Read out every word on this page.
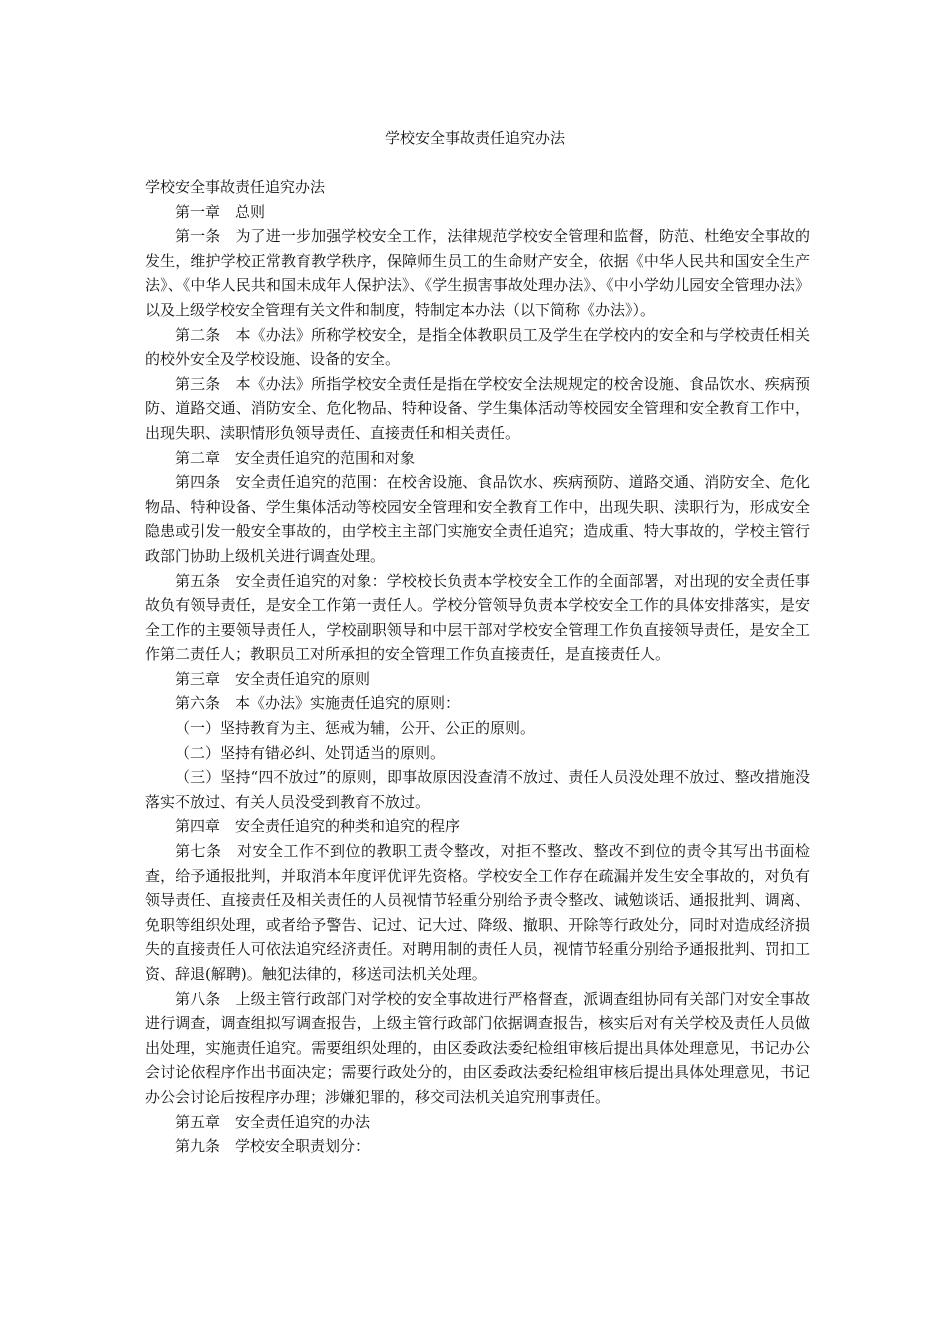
学校安全事故责任追究办法

学校安全事故责任追究办法

第一章　总则

第一条　为了进一步加强学校安全工作，法律规范学校安全管理和监督，防范、杜绝安全事故的发生，维护学校正常教育教学秩序，保障师生员工的生命财产安全，依据《中华人民共和国安全生产法》、《中华人民共和国未成年人保护法》、《学生损害事故处理办法》、《中小学幼儿园安全管理办法》以及上级学校安全管理有关文件和制度，特制定本办法（以下简称《办法》）。

第二条　本《办法》所称学校安全，是指全体教职员工及学生在学校内的安全和与学校责任相关的校外安全及学校设施、设备的安全。

第三条　本《办法》所指学校安全责任是指在学校安全法规规定的校舍设施、食品饮水、疾病预防、道路交通、消防安全、危化物品、特种设备、学生集体活动等校园安全管理和安全教育工作中，出现失职、渎职情形负领导责任、直接责任和相关责任。

第二章　安全责任追究的范围和对象

第四条　安全责任追究的范围：在校舍设施、食品饮水、疾病预防、道路交通、消防安全、危化物品、特种设备、学生集体活动等校园安全管理和安全教育工作中，出现失职、渎职行为，形成安全隐患或引发一般安全事故的，由学校主主部门实施安全责任追究；造成重、特大事故的，学校主管行政部门协助上级机关进行调查处理。

第五条　安全责任追究的对象：学校校长负责本学校安全工作的全面部署，对出现的安全责任事故负有领导责任，是安全工作第一责任人。学校分管领导负责本学校安全工作的具体安排落实，是安全工作的主要领导责任人，学校副职领导和中层干部对学校安全管理工作负直接领导责任，是安全工作第二责任人；教职员工对所承担的安全管理工作负直接责任，是直接责任人。

第三章　安全责任追究的原则

第六条　本《办法》实施责任追究的原则：

（一）坚持教育为主、惩戒为辅，公开、公正的原则。

（二）坚持有错必纠、处罚适当的原则。

（三）坚持“四不放过”的原则，即事故原因没查清不放过、责任人员没处理不放过、整改措施没落实不放过、有关人员没受到教育不放过。

第四章　安全责任追究的种类和追究的程序

第七条　对安全工作不到位的教职工责令整改，对拒不整改、整改不到位的责令其写出书面检查，给予通报批判，并取消本年度评优评先资格。学校安全工作存在疏漏并发生安全事故的，对负有领导责任、直接责任及相关责任的人员视情节轻重分别给予责令整改、诫勉谈话、通报批判、调离、免职等组织处理，或者给予警告、记过、记大过、降级、撤职、开除等行政处分，同时对造成经济损失的直接责任人可依法追究经济责任。对聘用制的责任人员，视情节轻重分别给予通报批判、罚扣工资、辞退(解聘)。触犯法律的，移送司法机关处理。

第八条　上级主管行政部门对学校的安全事故进行严格督查，派调查组协同有关部门对安全事故进行调查，调查组拟写调查报告，上级主管行政部门依据调查报告，核实后对有关学校及责任人员做出处理，实施责任追究。需要组织处理的，由区委政法委纪检组审核后提出具体处理意见，书记办公会讨论依程序作出书面决定；需要行政处分的，由区委政法委纪检组审核后提出具体处理意见，书记办公会讨论后按程序办理；涉嫌犯罪的，移交司法机关追究刑事责任。

第五章　安全责任追究的办法

第九条　学校安全职责划分：
